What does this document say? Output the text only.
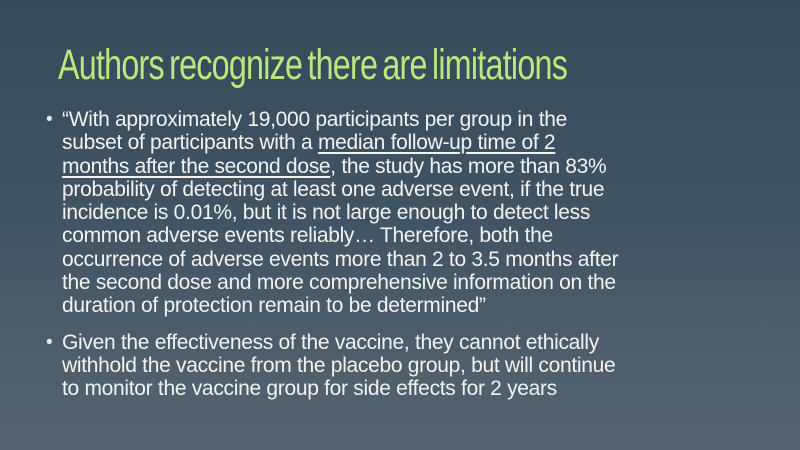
Authors recognize there are limitations
• “With approximately 19,000 participants per group in the
subset of participants with a median follow-up time of 2
months after the second dose, the study has more than 83%
probability of detecting at least one adverse event, if the true
incidence is 0.01%, but it is not large enough to detect less
common adverse events reliably… Therefore, both the
occurrence of adverse events more than 2 to 3.5 months after
the second dose and more comprehensive information on the
duration of protection remain to be determined”
• Given the effectiveness of the vaccine, they cannot ethically
withhold the vaccine from the placebo group, but will continue
to monitor the vaccine group for side effects for 2 years
